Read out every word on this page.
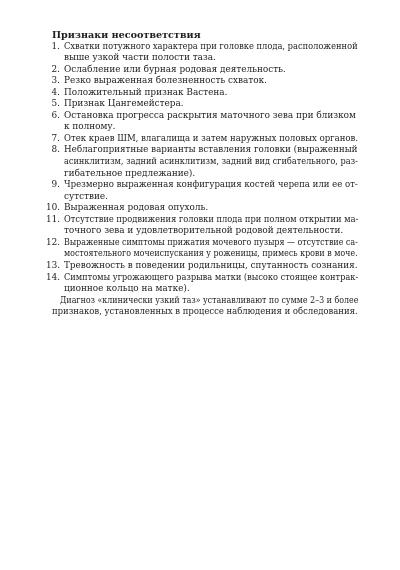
Признаки несоответствия
1. Схватки потужного характера при головке плода, расположенной
выше узкой части полости таза.
2. Ослабление или бурная родовая деятельность.
3. Резко выраженная болезненность схваток.
4. Положительный признак Вастена.
5. Признак Цангемейстера.
6. Остановка прогресса раскрытия маточного зева при близком
к полному.
7. Отек краев ШМ, влагалища и затем наружных половых органов.
8. Неблагоприятные варианты вставления головки (выраженный
асинклитизм, задний асинклитизм, задний вид сгибательного, раз-
гибательное предлежание).
9. Чрезмерно выраженная конфигурация костей черепа или ее от-
сутствие.
10. Выраженная родовая опухоль.
11. Отсутствие продвижения головки плода при полном открытии ма-
точного зева и удовлетворительной родовой деятельности.
12. Выраженные симптомы прижатия мочевого пузыря — отсутствие са-
мостоятельного мочеиспускания у роженицы, примесь крови в моче.
13. Тревожность в поведении родильницы, спутанность сознания.
14. Симптомы угрожающего разрыва матки (высоко стоящее контрак-
ционное кольцо на матке).
Диагноз «клинически узкий таз» устанавливают по сумме 2–3 и более
признаков, установленных в процессе наблюдения и обследования.
